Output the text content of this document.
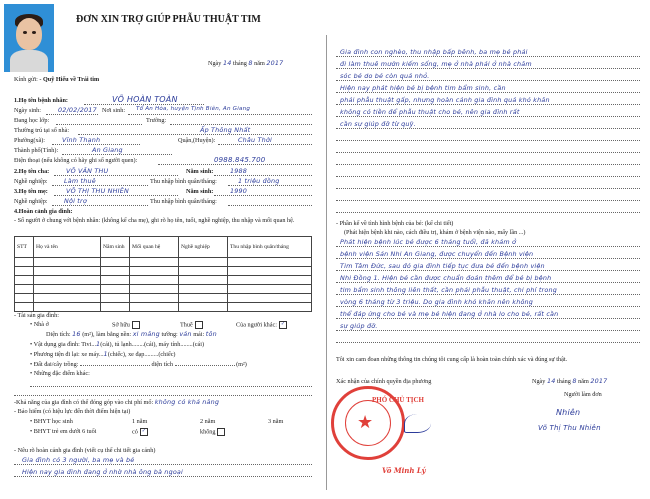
ĐƠN XIN TRỢ GIÚP PHẪU THUẬT TIM
Ngày 14 tháng 8 năm 2017
Kính gửi: - Quỹ Hiếu về Trái tim
1.Họ tên bệnh nhân:	VÕ HOÀN TOÀN
Ngày sinh:	02/02/2017 Nơi sinh: Tổ An Hòa, huyện Tịnh Biên, An Giang
Đang học lớp:	Trường:
Thường trú tại số nhà:	Ấp Thông Nhất
Phường(xã):	Vĩnh Thạnh	Quận,(Huyện):	Châu Thới
Thành phố(Tỉnh):	An Giang
Điện thoại (nếu không có hãy ghi số người quen):	0988.845.700
2.Họ tên cha:	VÕ VĂN THU	Năm sinh:	1988
Nghề nghiệp:	Làm thuê	Thu nhập bình quân/tháng:	1 triệu đồng
3.Họ tên mẹ:	VÕ THỊ THU NHIÊN	Năm sinh:	1990
Nghề nghiệp:	Nội trợ	Thu nhập bình quân/tháng:
4.Hoàn cảnh gia đình:
- Số người ở chung với bệnh nhân: (không kể cha mẹ), ghi rõ họ tên, tuổi, nghề nghiệp, thu nhập và mối quan hệ.
STT	Họ và tên	Năm sinh	Mối quan hệ	Nghề nghiệp	Thu nhập bình quân/tháng

- Tài sản gia đình:
• Nhà ở	Sở hữu	Thuê	Của người khác: ✓
Diện tích: 16 (m²), làm bằng nền: xi măng tường: ván mái: tôn
• Vật dụng gia đình: Tivi...1(cái), tủ lạnh........(cái), máy tính........(cái)
• Phương tiện đi lại: xe máy...1(chiếc), xe đạp.........(chiếc)
• Đất đai/cây trồng:	diện tích	(m²)
• Những đặc điểm khác:
-Khả năng của gia đình có thể đóng góp vào chi phí mổ: không có khả năng
- Bảo hiểm (có hiệu lực đến thời điểm hiện tại)
• BHYT học sinh	1 năm	2 năm	3 năm
• BHYT trẻ em dưới 6 tuổi	có ✓	không
- Nêu rõ hoàn cảnh gia đình (viết cụ thể chi tiết gia cảnh)
Gia đình có 3 người, ba mẹ và bé
Hiện nay gia đình đang ở nhờ nhà ông bà ngoại
Gia đình con nghèo, thu nhập bấp bênh, ba mẹ bé phải
đi làm thuê mướn kiếm sống, mẹ ở nhà phải ở nhà chăm
sóc bé do bé còn quá nhỏ.
Hiện nay phát hiện bé bị bệnh tim bẩm sinh, cần
phải phẫu thuật gấp, nhưng hoàn cảnh gia đình quá khó khăn
không có tiền để phẫu thuật cho bé, nên gia đình rất
cần sự giúp đỡ từ quỹ.
- Phần kể về tình hình bệnh của bé: (kể chi tiết)
(Phát hiện bệnh khi nào, cách điều trị, khám ở bệnh viện nào, mấy lần ...)
Phát hiện bệnh lúc bé được 6 tháng tuổi, đã khám ở
bệnh viện Sản Nhi An Giang, được chuyển đến Bệnh viện
Tim Tâm Đức, sau đó gia đình tiếp tục đưa bé đến bệnh viện
Nhi Đồng 1. Hiện bé cần được chuẩn đoán thêm để bé bị bệnh
tim bẩm sinh thông liên thất, cần phải phẫu thuật, chi phí trong
vòng 6 tháng từ 3 triệu. Do gia đình khó khăn nên không
thể đáp ứng cho bé và mẹ bé hiện đang ở nhà lo cho bé, rất cần
sự giúp đỡ.
Tôi xin cam đoan những thông tin chúng tôi cung cấp là hoàn toàn chính xác và đúng sự thật.
Xác nhận của chính quyền địa phương	Ngày 14 tháng 8 năm 2017
Người làm đơn
Nhiên
Võ Thị Thu Nhiên
★
PHÓ CHỦ TỊCH
Võ Minh Lý
